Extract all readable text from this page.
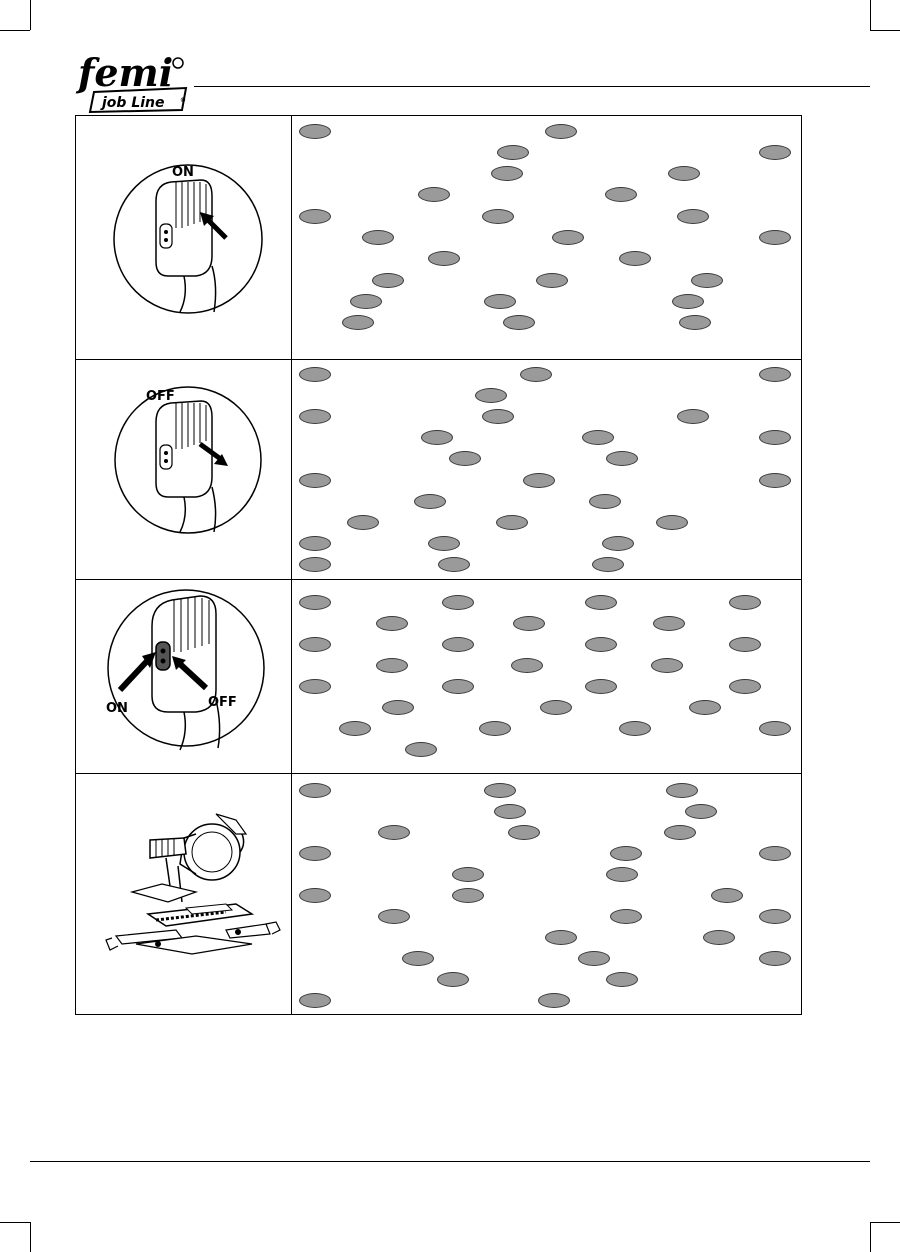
femi
job Line	®
ON
OFF
ON	OFF
